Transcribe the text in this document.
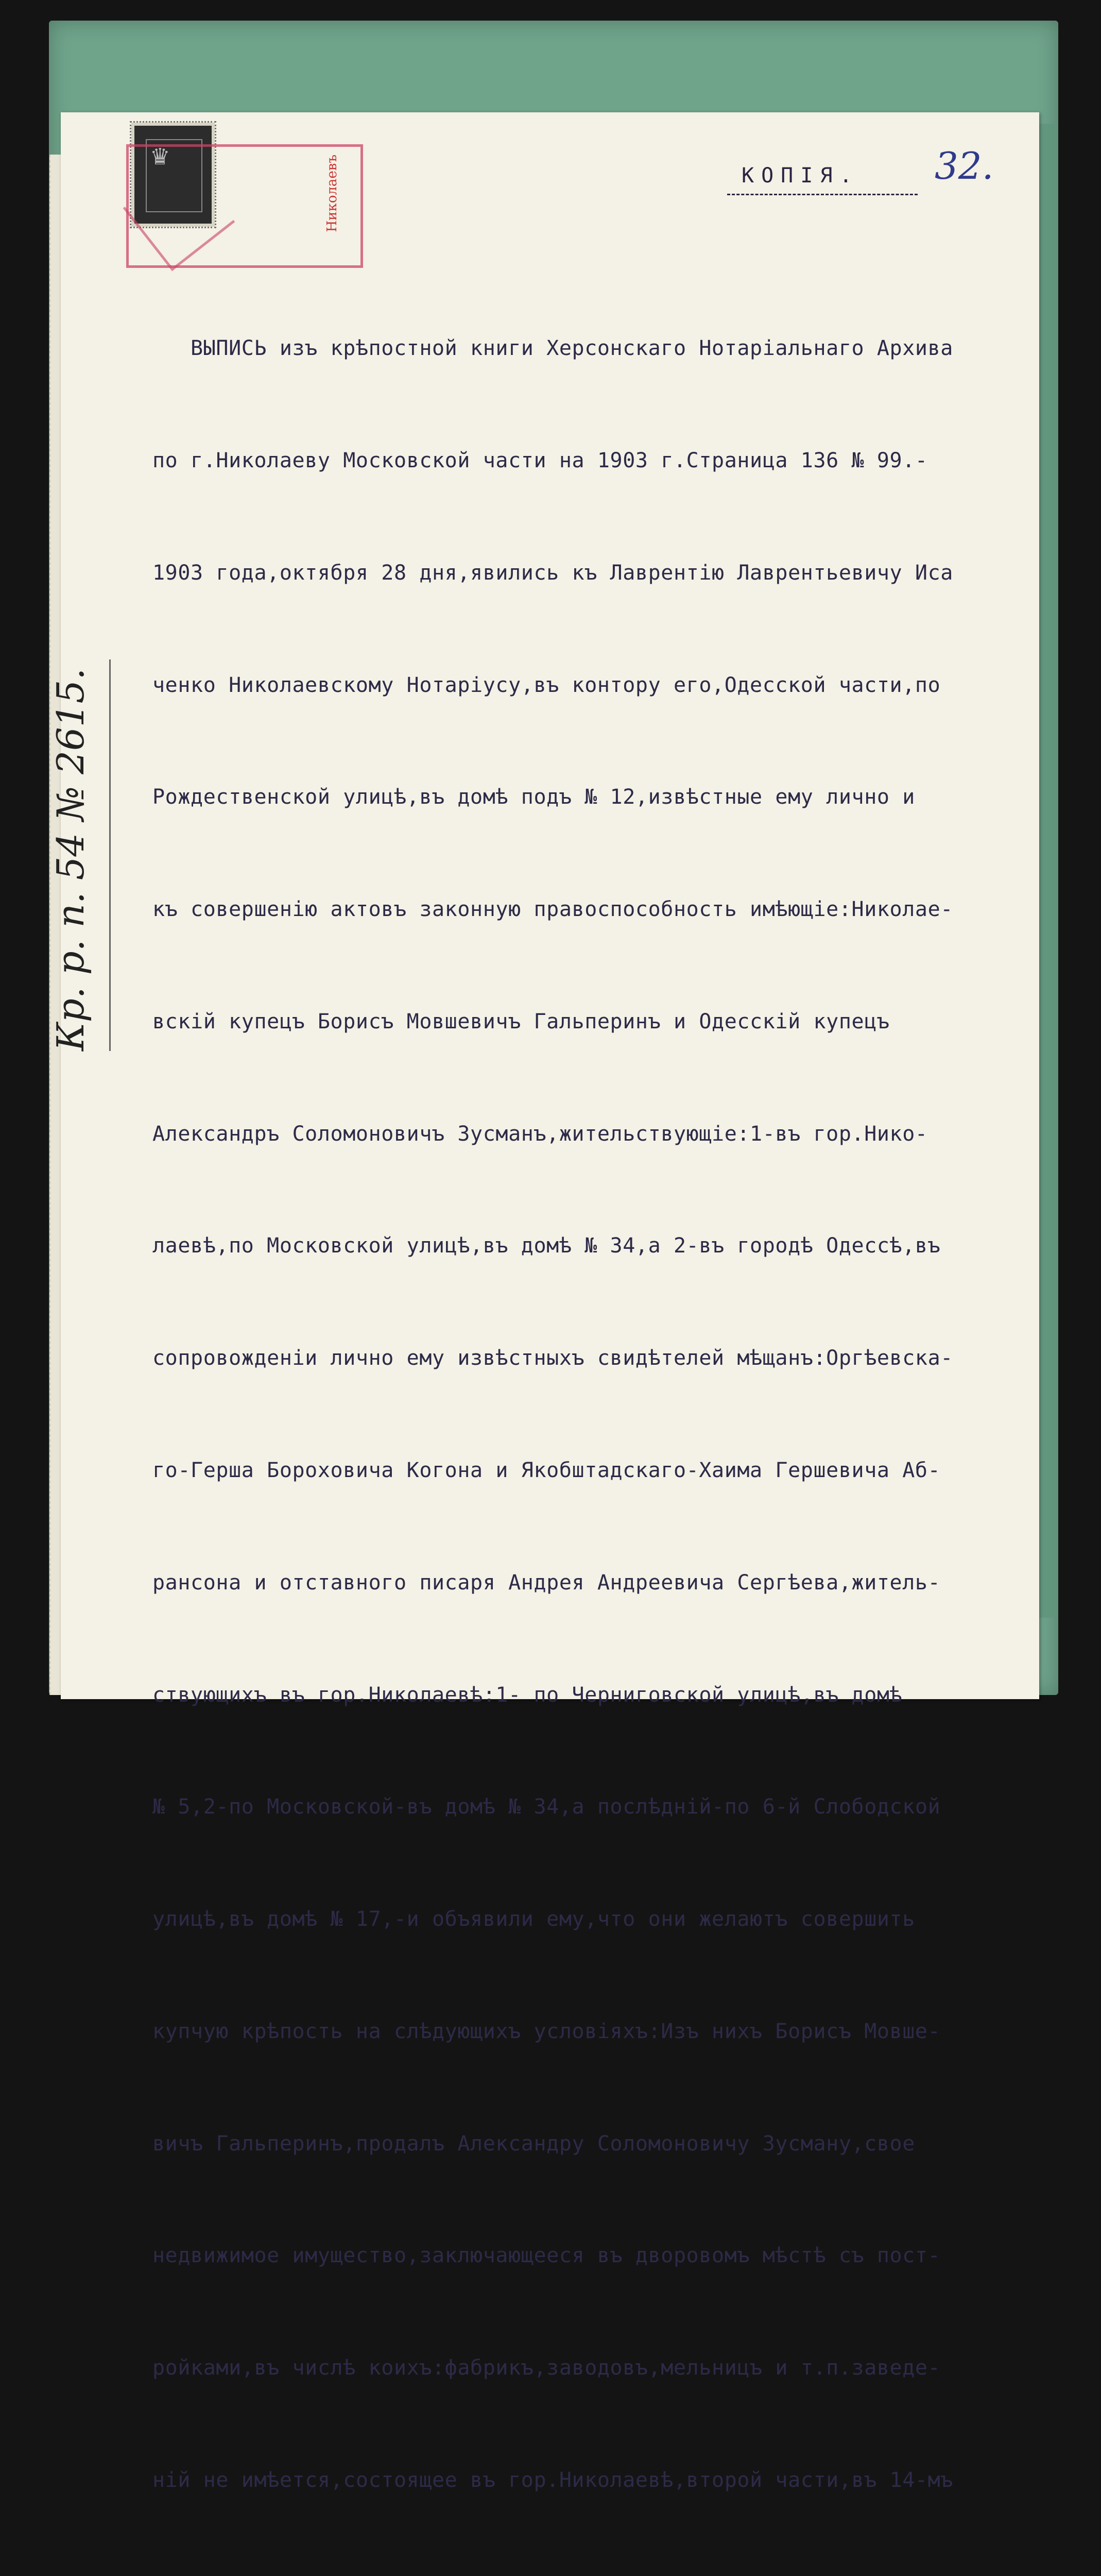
♛	Николаевъ	КОПІЯ. 32.
Кр. р. п. 54 № 2615.

ВЫПИСЬ изъ крѣпостной книги Херсонскаго Нотаріальнаго Архива

по г.Николаеву Московской части на 1903 г.Страница 136 № 99.-

1903 года,октября 28 дня,явились къ Лаврентію Лаврентьевичу Иса

ченко Николаевскому Нотаріусу,въ контору его,Одесской части,по

Рождественской улицѣ,въ домѣ подъ № 12,извѣстные ему лично и

къ совершенію актовъ законную правоспособность имѣющіе:Николаe-

вскій купецъ Борисъ Мовшевичъ Гальперинъ и Одесскій купецъ

Александръ Соломоновичъ Зусманъ,жительствующіе:1-въ гор.Никo-

лаевѣ,по Московской улицѣ,въ домѣ № 34,а 2-въ городѣ Одессѣ,въ

сопровожденіи лично ему извѣстныхъ свидѣтелей мѣщанъ:Оргѣевска-

го-Герша Бороховича Когона и Якобштадскаго-Хаима Гершевича Аб-

рансона и отставного писаря Андрея Андреевича Сергѣева,житель-

ствующихъ въ гор.Николаевѣ:1- по Черниговской улицѣ,въ домѣ

№ 5,2-по Московской-въ домѣ № 34,а послѣдній-по 6-й Слободской

улицѣ,въ домѣ № 17,-и объявили ему,что они желаютъ совершить

купчую крѣпость на слѣдующихъ условіяхъ:Изъ нихъ Борисъ Мовше-

вичъ Гальперинъ,продалъ Александру Соломоновичу Зусману,свое

недвижимое имущество,заключающееся въ дворовомъ мѣстѣ съ пост-

ройками,въ числѣ коихъ:фабрикъ,заводовъ,мельницъ и т.п.заведе-

ній не имѣется,состоящее въ гор.Николаевѣ,второй части,въ 14-мъ
